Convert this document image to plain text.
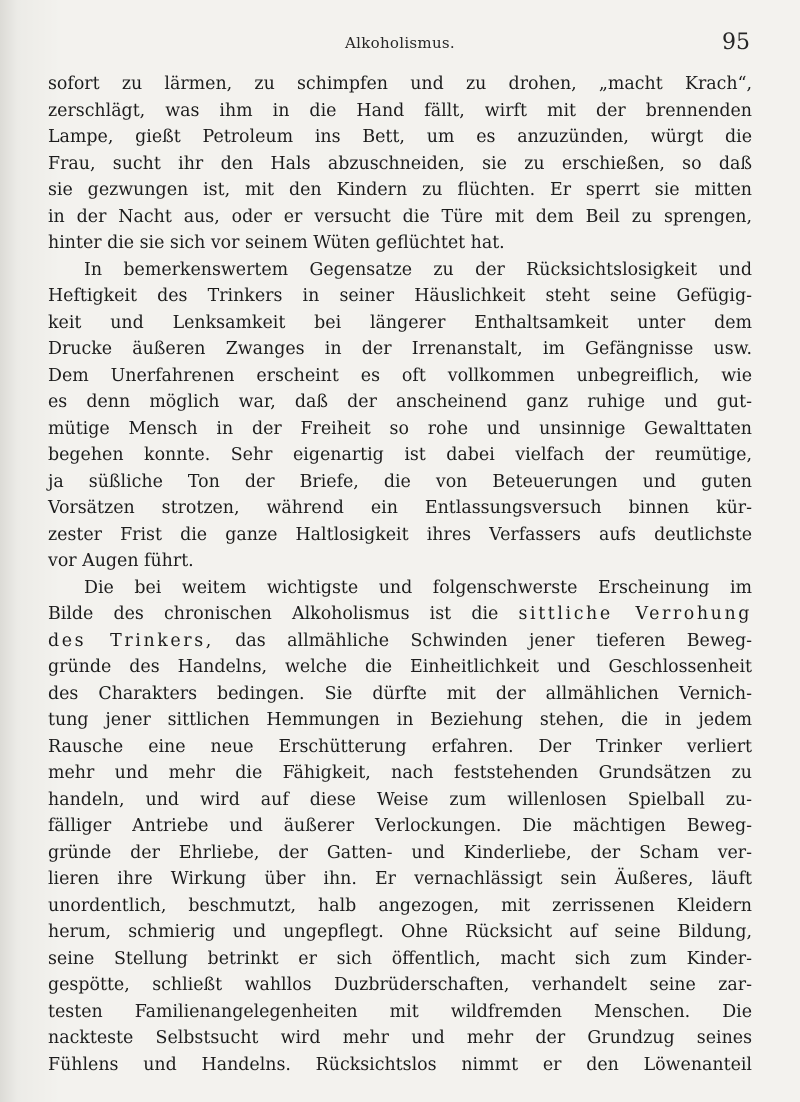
Alkoholismus.	95
sofort zu lärmen, zu schimpfen und zu drohen, „macht Krach“,
zerschlägt, was ihm in die Hand fällt, wirft mit der brennenden
Lampe, gießt Petroleum ins Bett, um es anzuzünden, würgt die
Frau, sucht ihr den Hals abzuschneiden, sie zu erschießen, so daß
sie gezwungen ist, mit den Kindern zu flüchten. Er sperrt sie mitten
in der Nacht aus, oder er versucht die Türe mit dem Beil zu sprengen,
hinter die sie sich vor seinem Wüten geflüchtet hat.
In bemerkenswertem Gegensatze zu der Rücksichtslosigkeit und
Heftigkeit des Trinkers in seiner Häuslichkeit steht seine Gefügig-
keit und Lenksamkeit bei längerer Enthaltsamkeit unter dem
Drucke äußeren Zwanges in der Irrenanstalt, im Gefängnisse usw.
Dem Unerfahrenen erscheint es oft vollkommen unbegreiflich, wie
es denn möglich war, daß der anscheinend ganz ruhige und gut-
mütige Mensch in der Freiheit so rohe und unsinnige Gewalttaten
begehen konnte. Sehr eigenartig ist dabei vielfach der reumütige,
ja süßliche Ton der Briefe, die von Beteuerungen und guten
Vorsätzen strotzen, während ein Entlassungsversuch binnen kür-
zester Frist die ganze Haltlosigkeit ihres Verfassers aufs deutlichste
vor Augen führt.
Die bei weitem wichtigste und folgenschwerste Erscheinung im
Bilde des chronischen Alkoholismus ist die sittliche Verrohung
des Trinkers, das allmähliche Schwinden jener tieferen Beweg-
gründe des Handelns, welche die Einheitlichkeit und Geschlossenheit
des Charakters bedingen. Sie dürfte mit der allmählichen Vernich-
tung jener sittlichen Hemmungen in Beziehung stehen, die in jedem
Rausche eine neue Erschütterung erfahren. Der Trinker verliert
mehr und mehr die Fähigkeit, nach feststehenden Grundsätzen zu
handeln, und wird auf diese Weise zum willenlosen Spielball zu-
fälliger Antriebe und äußerer Verlockungen. Die mächtigen Beweg-
gründe der Ehrliebe, der Gatten- und Kinderliebe, der Scham ver-
lieren ihre Wirkung über ihn. Er vernachlässigt sein Äußeres, läuft
unordentlich, beschmutzt, halb angezogen, mit zerrissenen Kleidern
herum, schmierig und ungepflegt. Ohne Rücksicht auf seine Bildung,
seine Stellung betrinkt er sich öffentlich, macht sich zum Kinder-
gespötte, schließt wahllos Duzbrüderschaften, verhandelt seine zar-
testen Familienangelegenheiten mit wildfremden Menschen. Die
nackteste Selbstsucht wird mehr und mehr der Grundzug seines
Fühlens und Handelns. Rücksichtslos nimmt er den Löwenanteil
